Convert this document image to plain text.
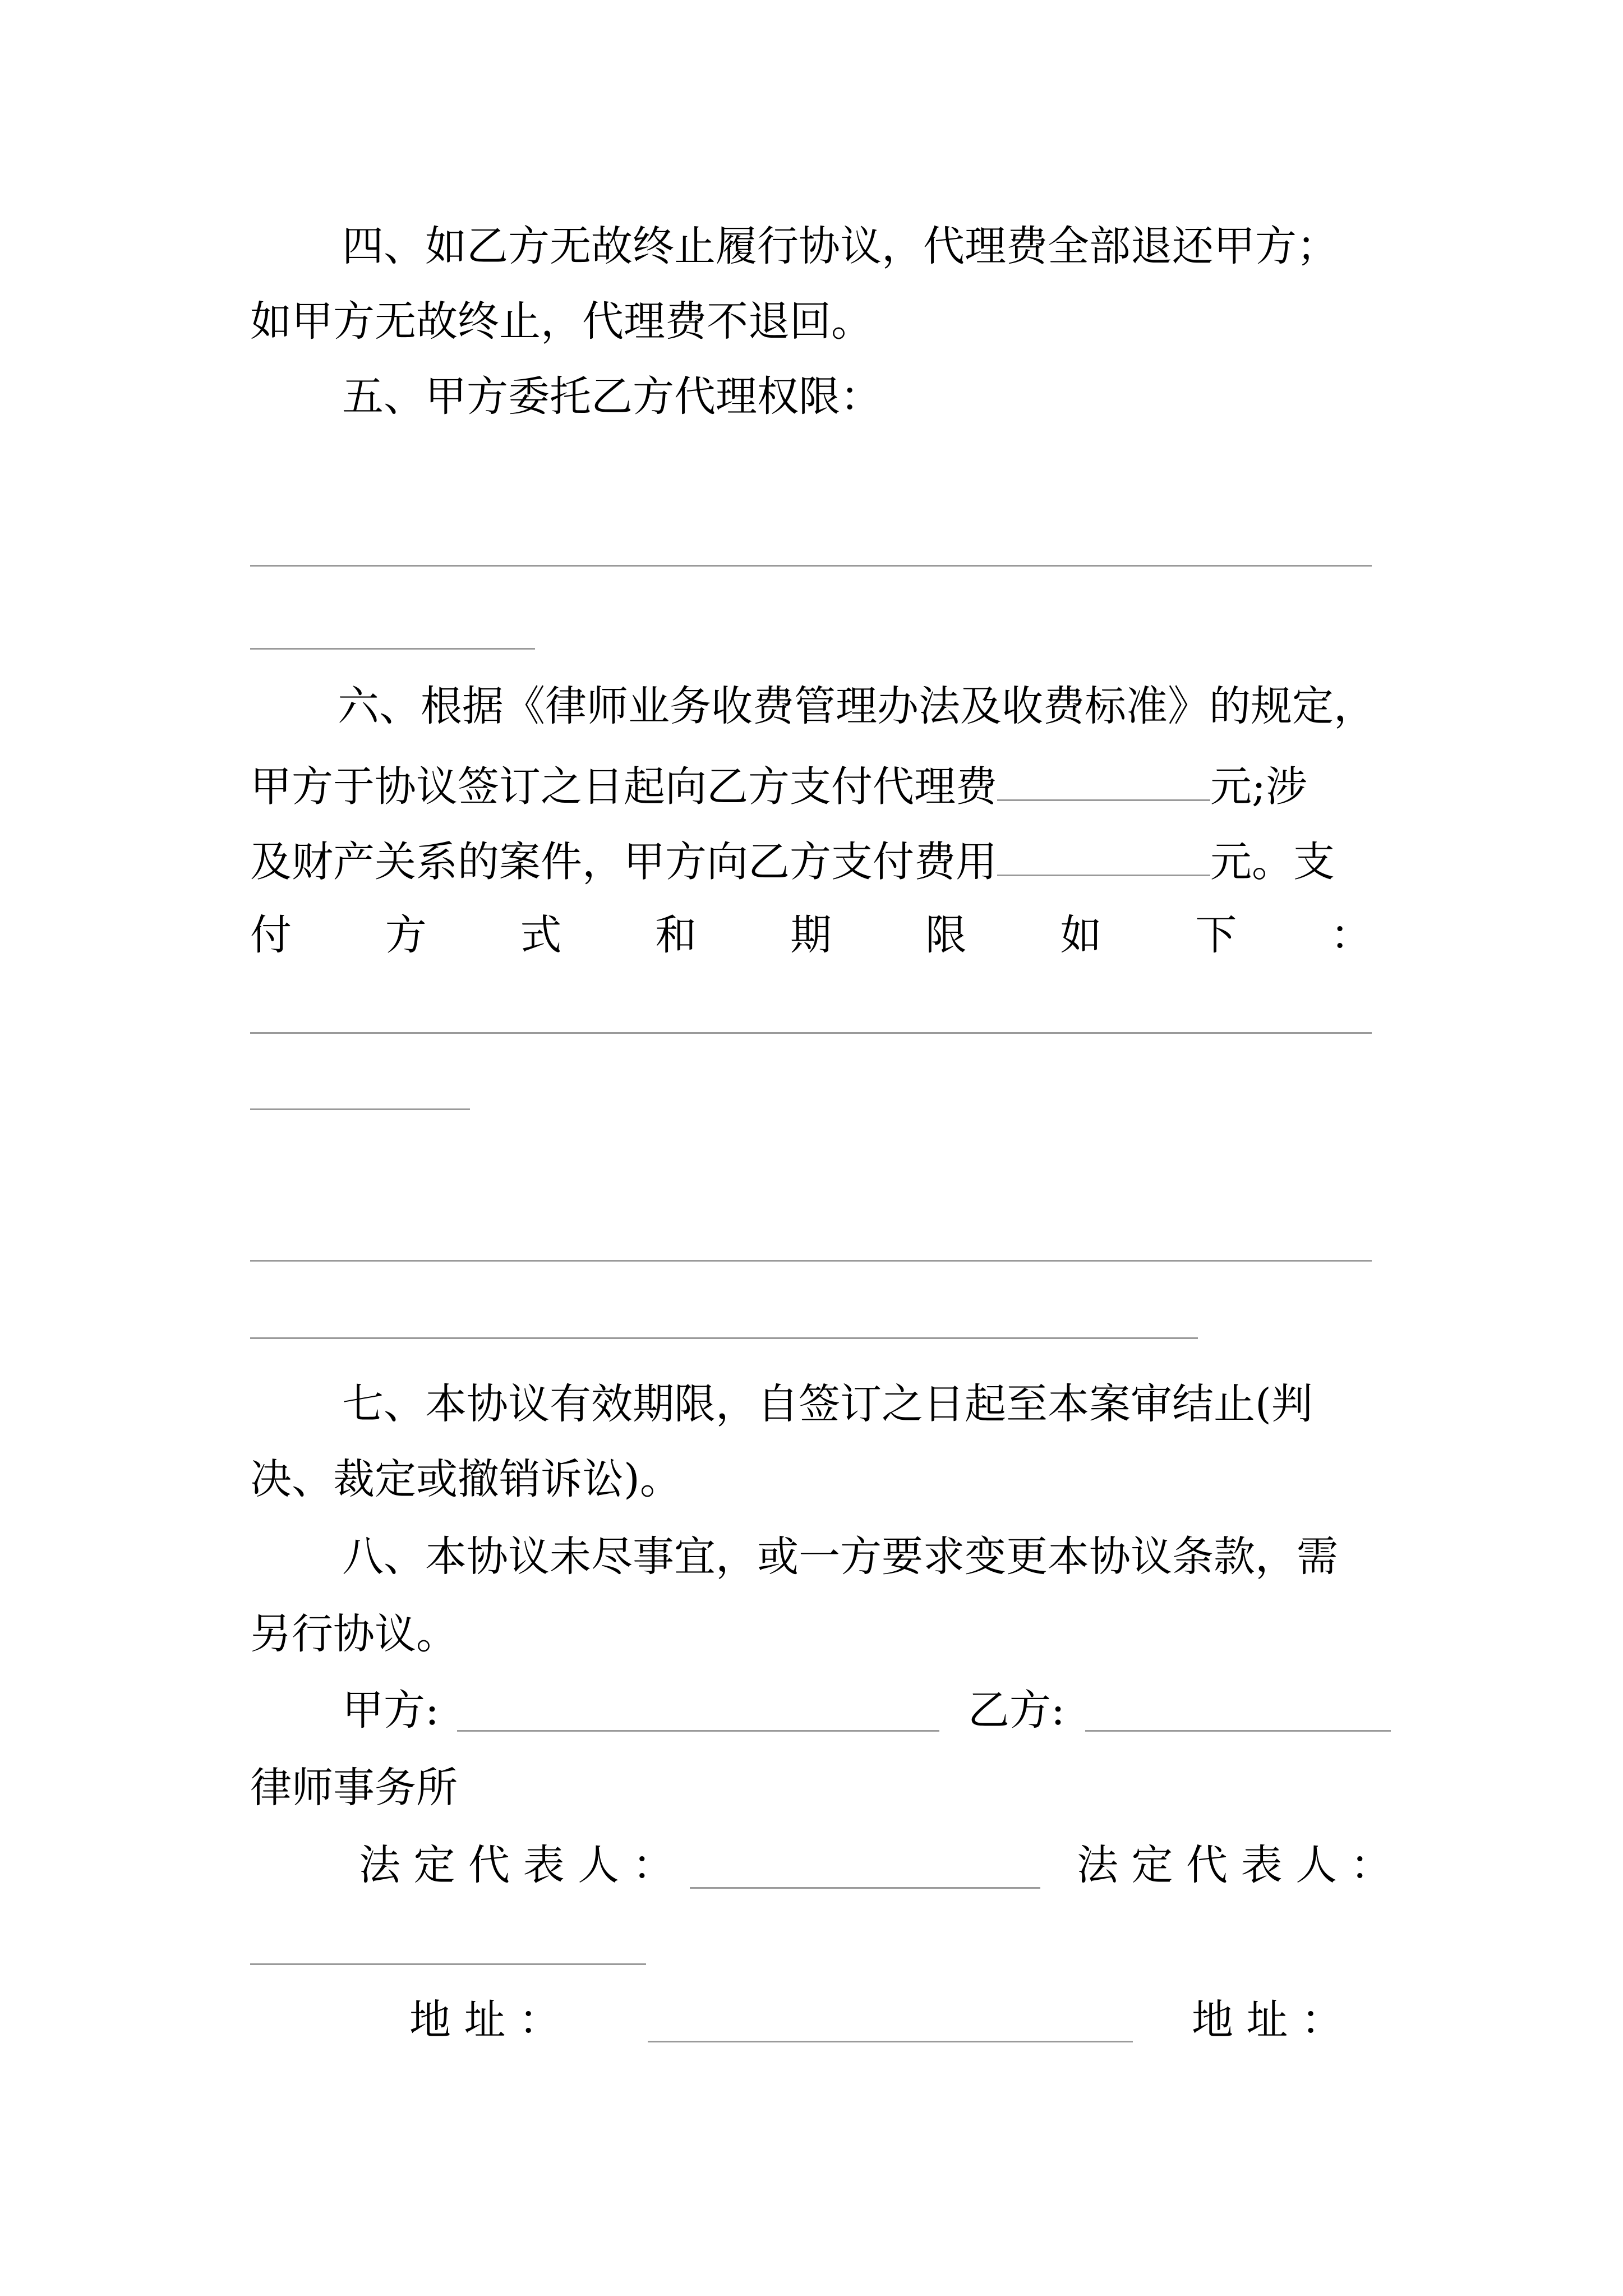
四、如乙方无故终止履行协议，代理费全部退还甲方；
如甲方无故终止，代理费不退回。
五、甲方委托乙方代理权限：
六、根据《律师业务收费管理办法及收费标准》的规定，
甲方于协议签订之日起向乙方支付代理费	元;涉
及财产关系的案件，甲方向乙方支付费用	元。支
付 方 式 和 期 限 如 下 ：
七、本协议有效期限，自签订之日起至本案审结止(判
决、裁定或撤销诉讼)。
八、本协议未尽事宜，或一方要求变更本协议条款，需
另行协议。
甲方:	乙方:
律师事务所
法 定 代 表 人 ：	法 定 代 表 人 ：
地 址 ：	地 址 ：
